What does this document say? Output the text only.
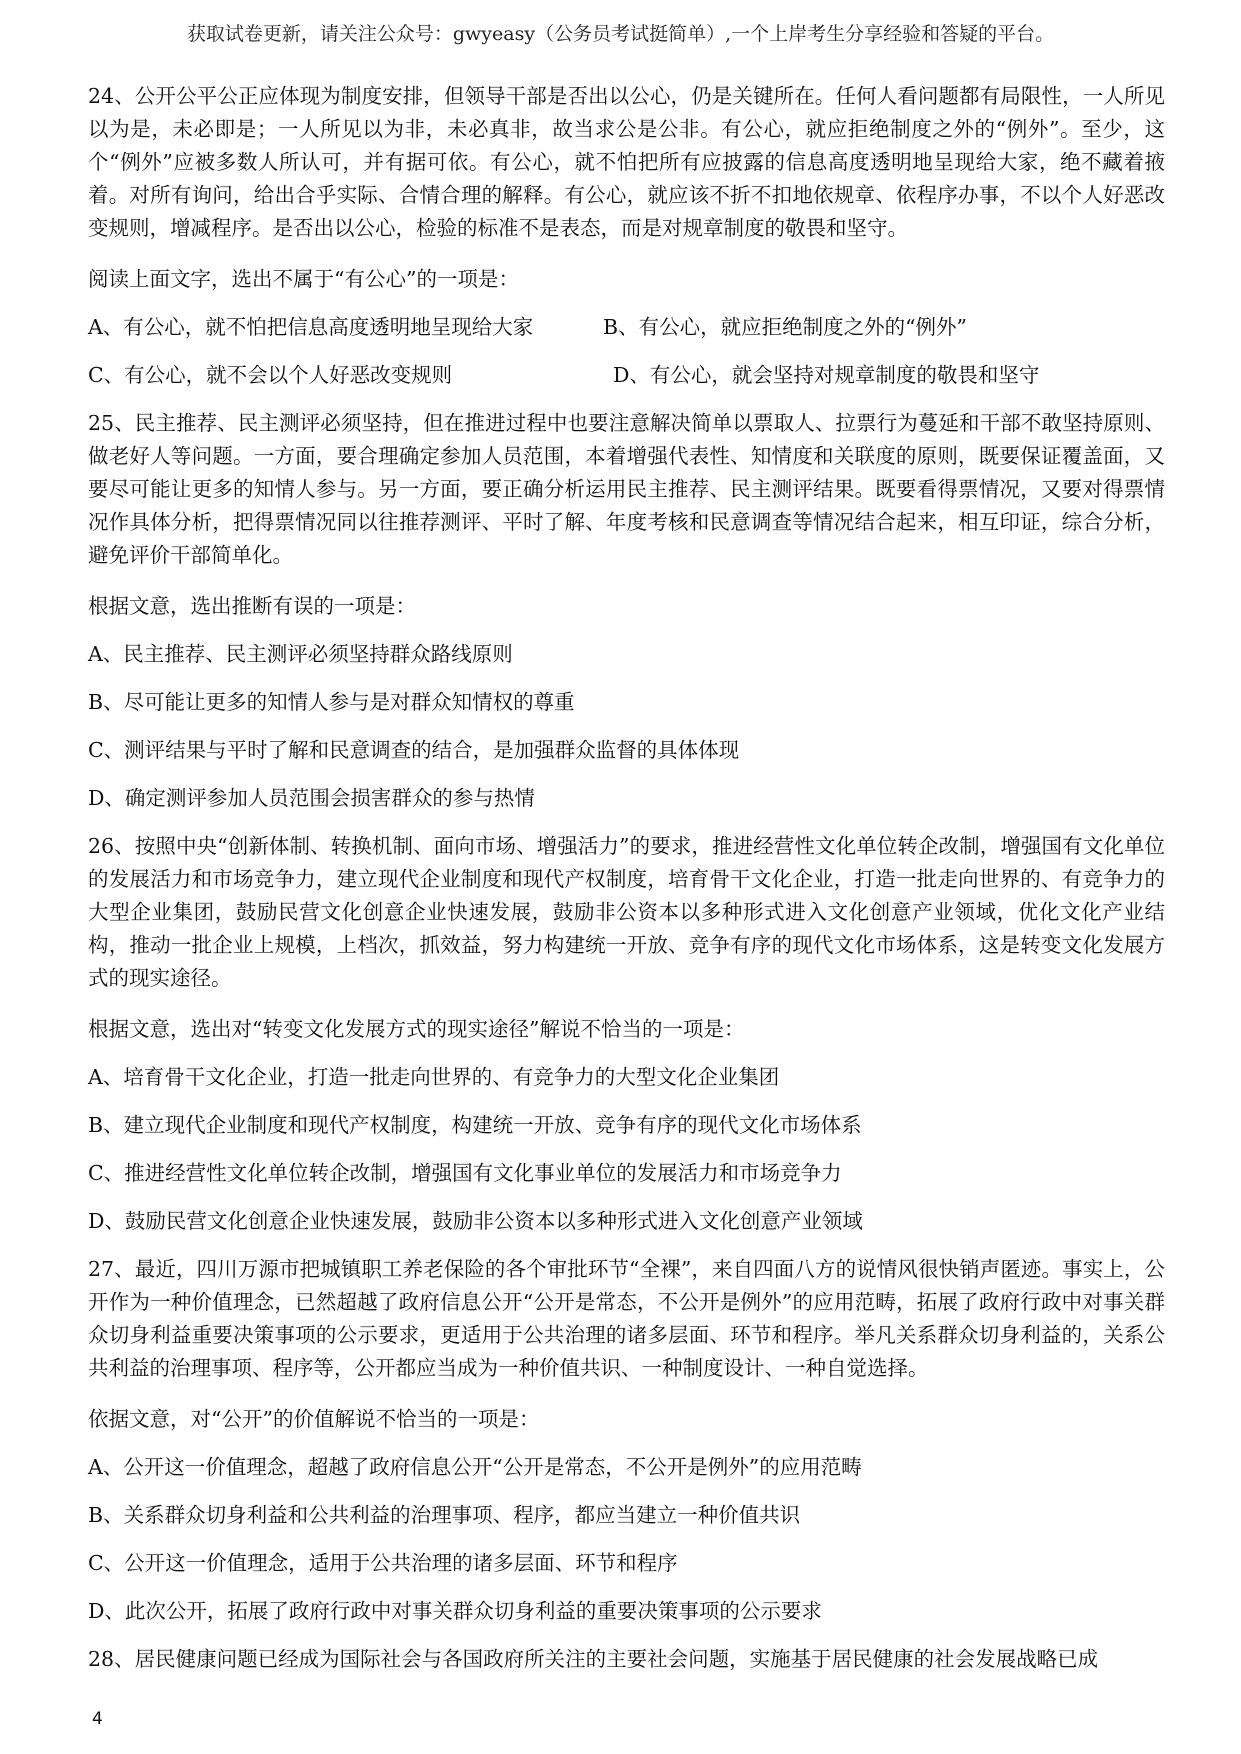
获取试卷更新，请关注公众号：gwyeasy（公务员考试挺简单）,一个上岸考生分享经验和答疑的平台。

24、公开公平公正应体现为制度安排，但领导干部是否出以公心，仍是关键所在。任何人看问题都有局限性，一人所见以为是，未必即是；一人所见以为非，未必真非，故当求公是公非。有公心，就应拒绝制度之外的“例外”。至少，这个“例外”应被多数人所认可，并有据可依。有公心，就不怕把所有应披露的信息高度透明地呈现给大家，绝不藏着掖着。对所有询问，给出合乎实际、合情合理的解释。有公心，就应该不折不扣地依规章、依程序办事，不以个人好恶改变规则，增减程序。是否出以公心，检验的标准不是表态，而是对规章制度的敬畏和坚守。

阅读上面文字，选出不属于“有公心”的一项是：
A、有公心，就不怕把信息高度透明地呈现给大家	B、有公心，就应拒绝制度之外的“例外”
C、有公心，就不会以个人好恶改变规则	D、有公心，就会坚持对规章制度的敬畏和坚守

25、民主推荐、民主测评必须坚持，但在推进过程中也要注意解决简单以票取人、拉票行为蔓延和干部不敢坚持原则、做老好人等问题。一方面，要合理确定参加人员范围，本着增强代表性、知情度和关联度的原则，既要保证覆盖面，又要尽可能让更多的知情人参与。另一方面，要正确分析运用民主推荐、民主测评结果。既要看得票情况，又要对得票情况作具体分析，把得票情况同以往推荐测评、平时了解、年度考核和民意调查等情况结合起来，相互印证，综合分析，避免评价干部简单化。

根据文意，选出推断有误的一项是：
A、民主推荐、民主测评必须坚持群众路线原则
B、尽可能让更多的知情人参与是对群众知情权的尊重
C、测评结果与平时了解和民意调查的结合，是加强群众监督的具体体现
D、确定测评参加人员范围会损害群众的参与热情

26、按照中央“创新体制、转换机制、面向市场、增强活力”的要求，推进经营性文化单位转企改制，增强国有文化单位的发展活力和市场竞争力，建立现代企业制度和现代产权制度，培育骨干文化企业，打造一批走向世界的、有竞争力的大型企业集团，鼓励民营文化创意企业快速发展，鼓励非公资本以多种形式进入文化创意产业领域，优化文化产业结构，推动一批企业上规模，上档次，抓效益，努力构建统一开放、竞争有序的现代文化市场体系，这是转变文化发展方式的现实途径。

根据文意，选出对“转变文化发展方式的现实途径”解说不恰当的一项是：
A、培育骨干文化企业，打造一批走向世界的、有竞争力的大型文化企业集团
B、建立现代企业制度和现代产权制度，构建统一开放、竞争有序的现代文化市场体系
C、推进经营性文化单位转企改制，增强国有文化事业单位的发展活力和市场竞争力
D、鼓励民营文化创意企业快速发展，鼓励非公资本以多种形式进入文化创意产业领域

27、最近，四川万源市把城镇职工养老保险的各个审批环节“全裸”，来自四面八方的说情风很快销声匿迹。事实上，公开作为一种价值理念，已然超越了政府信息公开“公开是常态，不公开是例外”的应用范畴，拓展了政府行政中对事关群众切身利益重要决策事项的公示要求，更适用于公共治理的诸多层面、环节和程序。举凡关系群众切身利益的，关系公共利益的治理事项、程序等，公开都应当成为一种价值共识、一种制度设计、一种自觉选择。

依据文意，对“公开”的价值解说不恰当的一项是：
A、公开这一价值理念，超越了政府信息公开“公开是常态，不公开是例外”的应用范畴
B、关系群众切身利益和公共利益的治理事项、程序，都应当建立一种价值共识
C、公开这一价值理念，适用于公共治理的诸多层面、环节和程序
D、此次公开，拓展了政府行政中对事关群众切身利益的重要决策事项的公示要求

28、居民健康问题已经成为国际社会与各国政府所关注的主要社会问题，实施基于居民健康的社会发展战略已成

4
